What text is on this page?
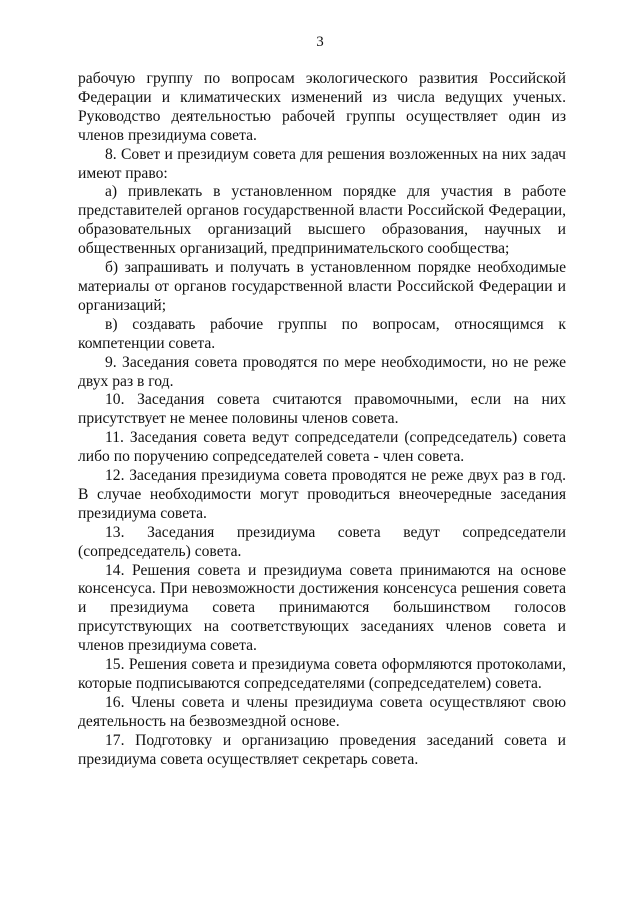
3

рабочую группу по вопросам экологического развития Российской Федерации и климатических изменений из числа ведущих ученых. Руководство деятельностью рабочей группы осуществляет один из членов президиума совета.

8. Совет и президиум совета для решения возложенных на них задач имеют право:

а) привлекать в установленном порядке для участия в работе представителей органов государственной власти Российской Федерации, образовательных организаций высшего образования, научных и общественных организаций, предпринимательского сообщества;

б) запрашивать и получать в установленном порядке необходимые материалы от органов государственной власти Российской Федерации и организаций;

в) создавать рабочие группы по вопросам, относящимся к компетенции совета.

9. Заседания совета проводятся по мере необходимости, но не реже двух раз в год.

10. Заседания совета считаются правомочными, если на них присутствует не менее половины членов совета.

11. Заседания совета ведут сопредседатели (сопредседатель) совета либо по поручению сопредседателей совета - член совета.

12. Заседания президиума совета проводятся не реже двух раз в год. В случае необходимости могут проводиться внеочередные заседания президиума совета.

13. Заседания президиума совета ведут сопредседатели (сопредседатель) совета.

14. Решения совета и президиума совета принимаются на основе консенсуса. При невозможности достижения консенсуса решения совета и президиума совета принимаются большинством голосов присутствующих на соответствующих заседаниях членов совета и членов президиума совета.

15. Решения совета и президиума совета оформляются протоколами, которые подписываются сопредседателями (сопредседателем) совета.

16. Члены совета и члены президиума совета осуществляют свою деятельность на безвозмездной основе.

17. Подготовку и организацию проведения заседаний совета и президиума совета осуществляет секретарь совета.
